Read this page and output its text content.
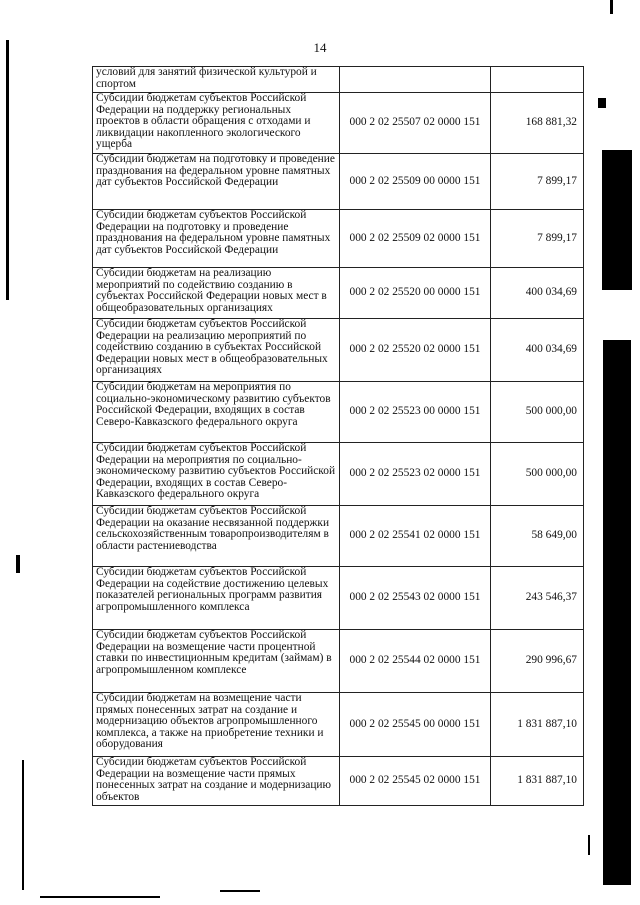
14
условий для занятий физической культурой и спортом		
Субсидии бюджетам субъектов Российской Федерации на поддержку региональных проектов в области обращения с отходами и ликвидации накопленного экологического ущерба	000 2 02 25507 02 0000 151	168 881,32
Субсидии бюджетам на подготовку и проведение празднования на федеральном уровне памятных дат субъектов Российской Федерации	000 2 02 25509 00 0000 151	7 899,17
Субсидии бюджетам субъектов Российской Федерации на подготовку и проведение празднования на федеральном уровне памятных дат субъектов Российской Федерации	000 2 02 25509 02 0000 151	7 899,17
Субсидии бюджетам на реализацию мероприятий по содействию созданию в субъектах Российской Федерации новых мест в общеобразовательных организациях	000 2 02 25520 00 0000 151	400 034,69
Субсидии бюджетам субъектов Российской Федерации на реализацию мероприятий по содействию созданию в субъектах Российской Федерации новых мест в общеобразовательных организациях	000 2 02 25520 02 0000 151	400 034,69
Субсидии бюджетам на мероприятия по социально-экономическому развитию субъектов Российской Федерации, входящих в состав Северо-Кавказского федерального округа	000 2 02 25523 00 0000 151	500 000,00
Субсидии бюджетам субъектов Российской Федерации на мероприятия по социально-экономическому развитию субъектов Российской Федерации, входящих в состав Северо-Кавказского федерального округа	000 2 02 25523 02 0000 151	500 000,00
Субсидии бюджетам субъектов Российской Федерации на оказание несвязанной поддержки сельскохозяйственным товаропроизводителям в области растениеводства	000 2 02 25541 02 0000 151	58 649,00
Субсидии бюджетам субъектов Российской Федерации на содействие достижению целевых показателей региональных программ развития агропромышленного комплекса	000 2 02 25543 02 0000 151	243 546,37
Субсидии бюджетам субъектов Российской Федерации на возмещение части процентной ставки по инвестиционным кредитам (займам) в агропромышленном комплексе	000 2 02 25544 02 0000 151	290 996,67
Субсидии бюджетам на возмещение части прямых понесенных затрат на создание и модернизацию объектов агропромышленного комплекса, а также на приобретение техники и оборудования	000 2 02 25545 00 0000 151	1 831 887,10
Субсидии бюджетам субъектов Российской Федерации на возмещение части прямых понесенных затрат на создание и модернизацию объектов	000 2 02 25545 02 0000 151	1 831 887,10
